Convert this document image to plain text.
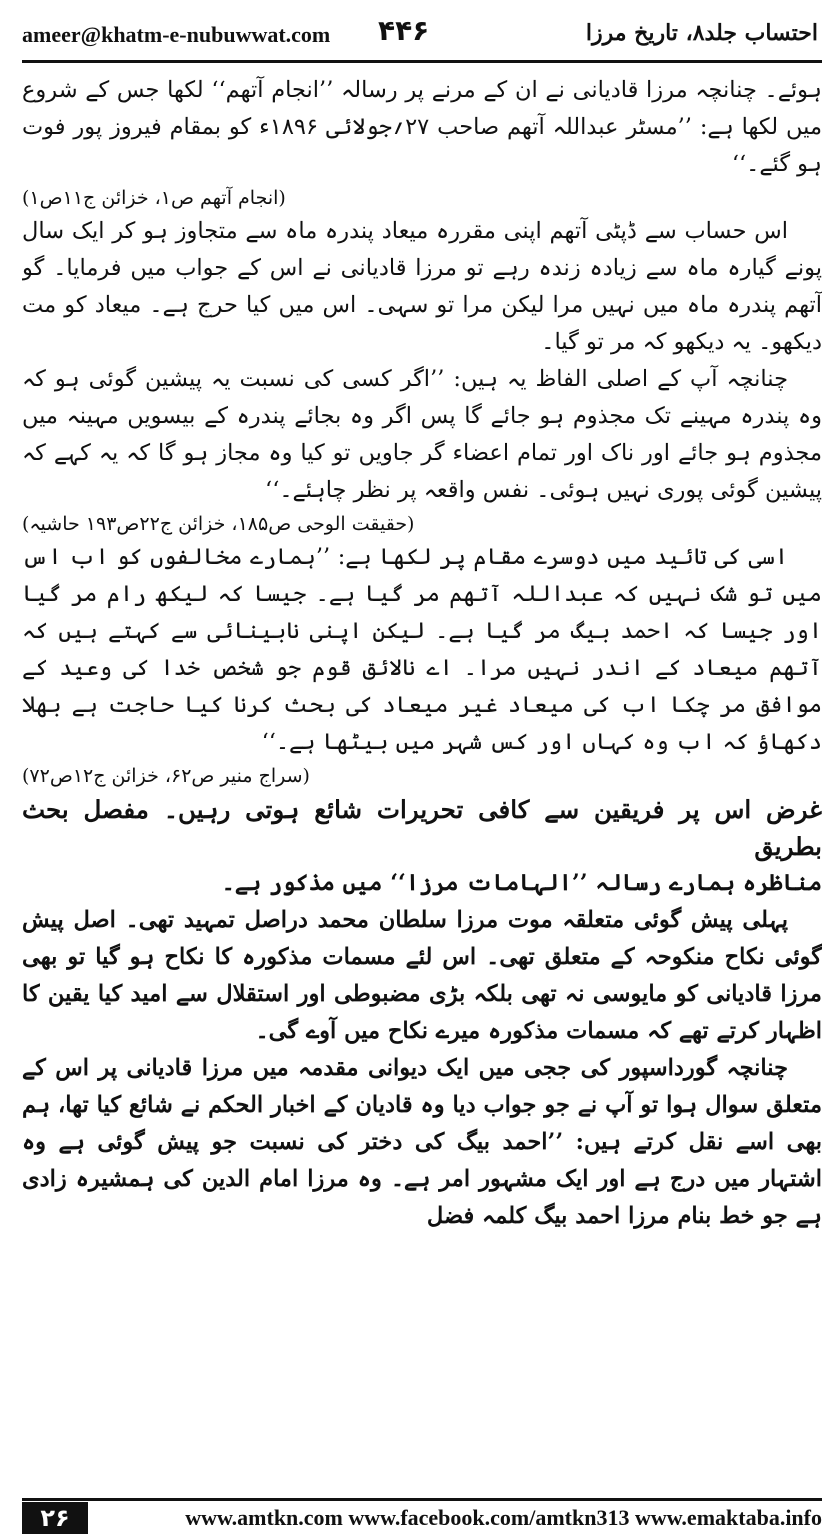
ameer@khatm-e-nubuwwat.com ۴۴۶	احتساب جلد۸، تاریخ مرزا

ہوئے۔ چنانچہ مرزا قادیانی نے ان کے مرنے پر رسالہ ’’انجام آتھم‘‘ لکھا جس کے شروع میں لکھا ہے: ’’مسٹر عبداللہ آتھم صاحب ۲۷؍جولائی ۱۸۹۶ء کو بمقام فیروز پور فوت ہو گئے۔‘‘

(انجام آتھم ص۱، خزائن ج۱۱ص۱)

اس حساب سے ڈپٹی آتھم اپنی مقررہ میعاد پندرہ ماہ سے متجاوز ہو کر ایک سال پونے گیارہ ماہ سے زیادہ زندہ رہے تو مرزا قادیانی نے اس کے جواب میں فرمایا۔ گو آتھم پندرہ ماہ میں نہیں مرا لیکن مرا تو سہی۔ اس میں کیا حرج ہے۔ میعاد کو مت دیکھو۔ یہ دیکھو کہ مر تو گیا۔

چنانچہ آپ کے اصلی الفاظ یہ ہیں: ’’اگر کسی کی نسبت یہ پیشین گوئی ہو کہ وہ پندرہ مہینے تک مجذوم ہو جائے گا پس اگر وہ بجائے پندرہ کے بیسویں مہینہ میں مجذوم ہو جائے اور ناک اور تمام اعضاء گر جاویں تو کیا وہ مجاز ہو گا کہ یہ کہے کہ پیشین گوئی پوری نہیں ہوئی۔ نفس واقعہ پر نظر چاہئے۔‘‘

(حقیقت الوحی ص۱۸۵، خزائن ج۲۲ص۱۹۳ حاشیہ)

اسی کی تائید میں دوسرے مقام پر لکھا ہے: ’’ہمارے مخالفوں کو اب اس میں تو شک نہیں کہ عبداللہ آتھم مر گیا ہے۔ جیسا کہ لیکھ رام مر گیا اور جیسا کہ احمد بیگ مر گیا ہے۔ لیکن اپنی نابینائی سے کہتے ہیں کہ آتھم میعاد کے اندر نہیں مرا۔ اے نالائق قوم جو شخص خدا کی وعید کے موافق مر چکا اب کی میعاد غیر میعاد کی بحث کرنا کیا حاجت ہے بھلا دکھاؤ کہ اب وہ کہاں اور کس شہر میں بیٹھا ہے۔‘‘

(سراج منیر ص۶۲، خزائن ج۱۲ص۷۲)

غرض اس پر فریقین سے کافی تحریرات شائع ہوتی رہیں۔ مفصل بحث بطریق

مناظرہ ہمارے رسالہ ’’الہامات مرزا‘‘ میں مذکور ہے۔

پہلی پیش گوئی متعلقہ موت مرزا سلطان محمد دراصل تمہید تھی۔ اصل پیش گوئی نکاح منکوحہ کے متعلق تھی۔ اس لئے مسمات مذکورہ کا نکاح ہو گیا تو بھی مرزا قادیانی کو مایوسی نہ تھی بلکہ بڑی مضبوطی اور استقلال سے امید کیا یقین کا اظہار کرتے تھے کہ مسمات مذکورہ میرے نکاح میں آوے گی۔

چنانچہ گورداسپور کی ججی میں ایک دیوانی مقدمہ میں مرزا قادیانی پر اس کے متعلق سوال ہوا تو آپ نے جو جواب دیا وہ قادیان کے اخبار الحکم نے شائع کیا تھا، ہم بھی اسے نقل کرتے ہیں: ’’احمد بیگ کی دختر کی نسبت جو پیش گوئی ہے وہ اشتہار میں درج ہے اور ایک مشہور امر ہے۔ وہ مرزا امام الدین کی ہمشیرہ زادی ہے جو خط بنام مرزا احمد بیگ کلمہ فضل

۲۶	www.amtkn.com www.facebook.com/amtkn313 www.emaktaba.info
